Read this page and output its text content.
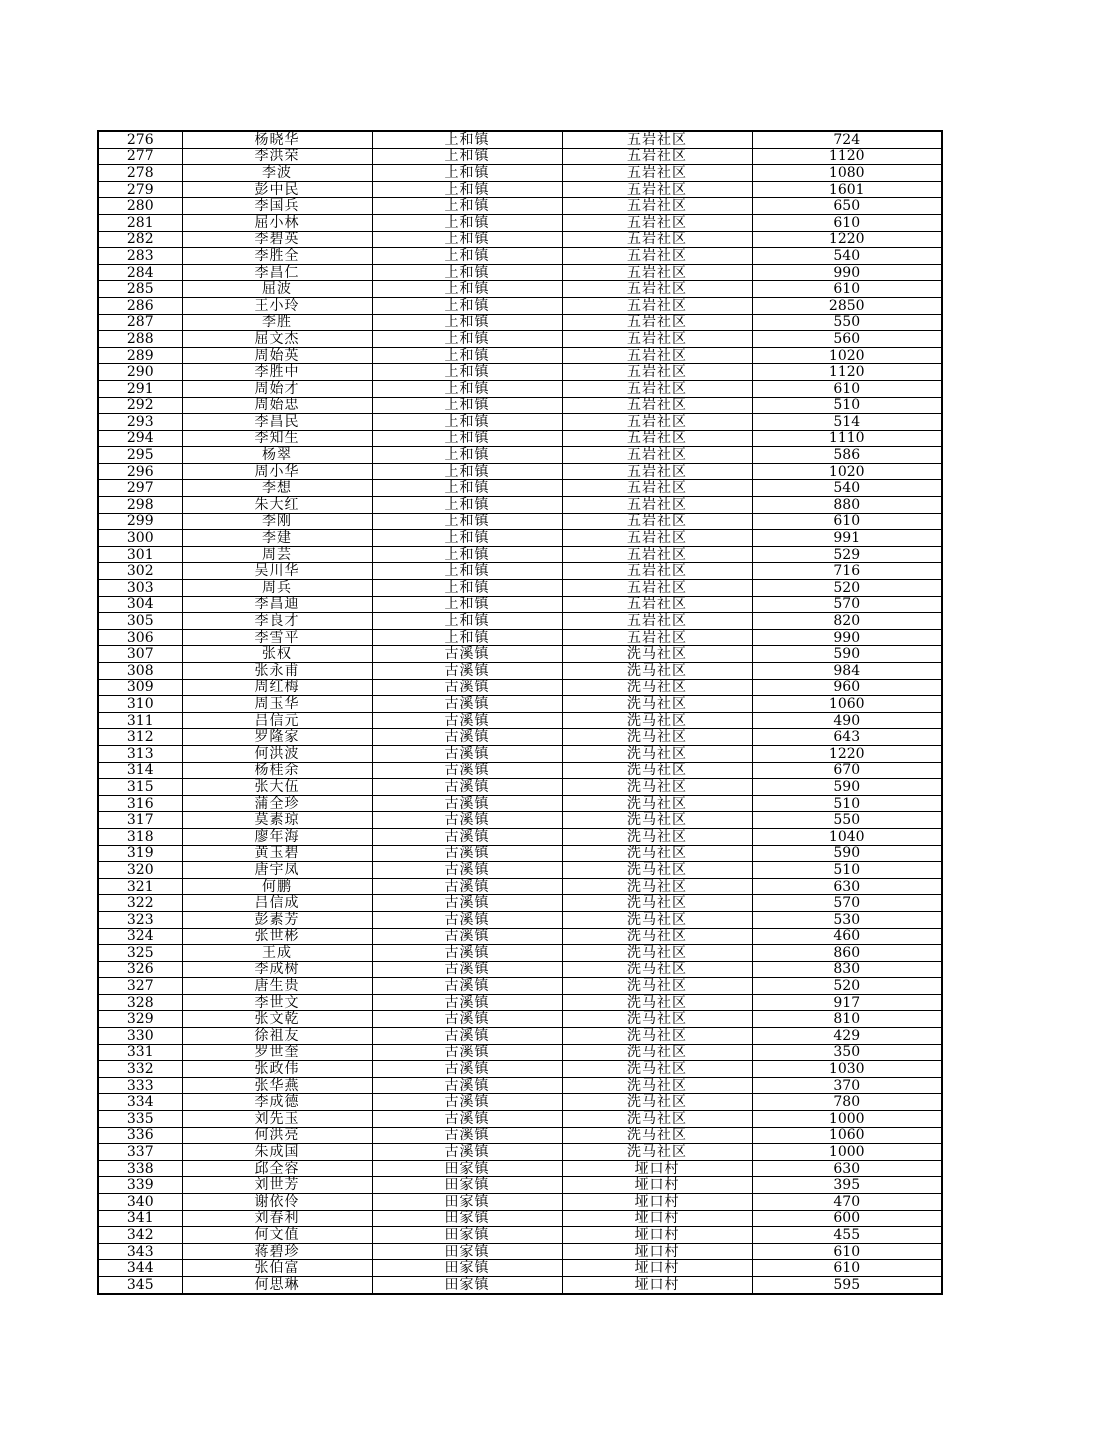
276	杨晓华	上和镇	五岩社区	724
277	李洪荣	上和镇	五岩社区	1120
278	李波	上和镇	五岩社区	1080
279	彭中民	上和镇	五岩社区	1601
280	李国兵	上和镇	五岩社区	650
281	屈小林	上和镇	五岩社区	610
282	李碧英	上和镇	五岩社区	1220
283	李胜全	上和镇	五岩社区	540
284	李昌仁	上和镇	五岩社区	990
285	屈波	上和镇	五岩社区	610
286	王小玲	上和镇	五岩社区	2850
287	李胜	上和镇	五岩社区	550
288	屈文杰	上和镇	五岩社区	560
289	周始英	上和镇	五岩社区	1020
290	李胜中	上和镇	五岩社区	1120
291	周始才	上和镇	五岩社区	610
292	周始忠	上和镇	五岩社区	510
293	李昌民	上和镇	五岩社区	514
294	李知生	上和镇	五岩社区	1110
295	杨翠	上和镇	五岩社区	586
296	周小华	上和镇	五岩社区	1020
297	李想	上和镇	五岩社区	540
298	朱大红	上和镇	五岩社区	880
299	李刚	上和镇	五岩社区	610
300	李建	上和镇	五岩社区	991
301	周芸	上和镇	五岩社区	529
302	吴川华	上和镇	五岩社区	716
303	周兵	上和镇	五岩社区	520
304	李昌迪	上和镇	五岩社区	570
305	李良才	上和镇	五岩社区	820
306	李雪平	上和镇	五岩社区	990
307	张权	古溪镇	洗马社区	590
308	张永甫	古溪镇	洗马社区	984
309	周红梅	古溪镇	洗马社区	960
310	周玉华	古溪镇	洗马社区	1060
311	吕信元	古溪镇	洗马社区	490
312	罗隆家	古溪镇	洗马社区	643
313	何洪波	古溪镇	洗马社区	1220
314	杨桂余	古溪镇	洗马社区	670
315	张大伍	古溪镇	洗马社区	590
316	蒲全珍	古溪镇	洗马社区	510
317	莫素琼	古溪镇	洗马社区	550
318	廖年海	古溪镇	洗马社区	1040
319	黄玉碧	古溪镇	洗马社区	590
320	唐宇凤	古溪镇	洗马社区	510
321	何鹏	古溪镇	洗马社区	630
322	吕信成	古溪镇	洗马社区	570
323	彭素芳	古溪镇	洗马社区	530
324	张世彬	古溪镇	洗马社区	460
325	王成	古溪镇	洗马社区	860
326	李成树	古溪镇	洗马社区	830
327	唐生贵	古溪镇	洗马社区	520
328	李世文	古溪镇	洗马社区	917
329	张文乾	古溪镇	洗马社区	810
330	徐祖友	古溪镇	洗马社区	429
331	罗世奎	古溪镇	洗马社区	350
332	张政伟	古溪镇	洗马社区	1030
333	张华燕	古溪镇	洗马社区	370
334	李成德	古溪镇	洗马社区	780
335	刘先玉	古溪镇	洗马社区	1000
336	何洪亮	古溪镇	洗马社区	1060
337	朱成国	古溪镇	洗马社区	1000
338	邱全容	田家镇	垭口村	630
339	刘世芳	田家镇	垭口村	395
340	谢依伶	田家镇	垭口村	470
341	刘春利	田家镇	垭口村	600
342	何文值	田家镇	垭口村	455
343	蒋碧珍	田家镇	垭口村	610
344	张伯富	田家镇	垭口村	610
345	何思琳	田家镇	垭口村	595
